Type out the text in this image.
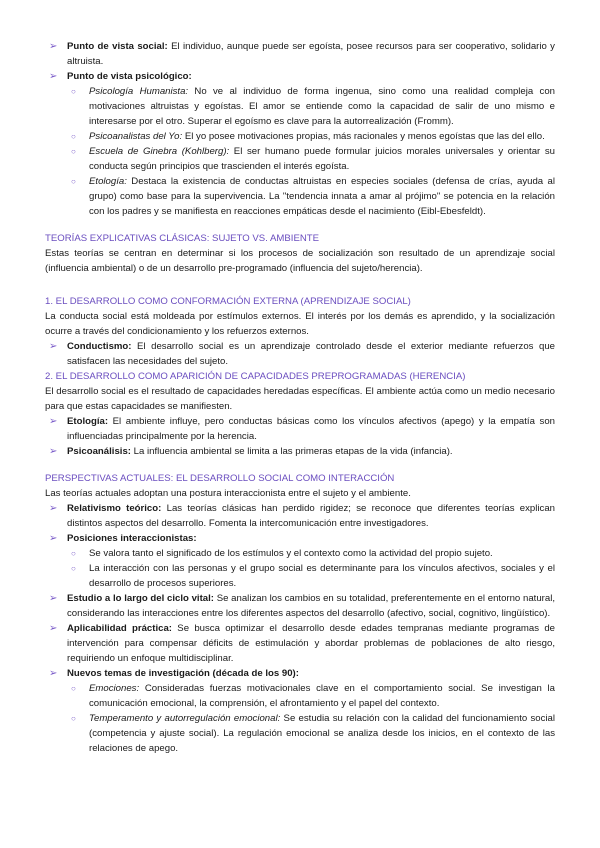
➢ Punto de vista social: El individuo, aunque puede ser egoísta, posee recursos para ser cooperativo, solidario y altruista.
➢ Punto de vista psicológico:
○ Psicología Humanista: No ve al individuo de forma ingenua, sino como una realidad compleja con motivaciones altruistas y egoístas. El amor se entiende como la capacidad de salir de uno mismo e interesarse por el otro. Superar el egoísmo es clave para la autorrealización (Fromm).
○ Psicoanalistas del Yo: El yo posee motivaciones propias, más racionales y menos egoístas que las del ello.
○ Escuela de Ginebra (Kohlberg): El ser humano puede formular juicios morales universales y orientar su conducta según principios que trascienden el interés egoísta.
○ Etología: Destaca la existencia de conductas altruistas en especies sociales (defensa de crías, ayuda al grupo) como base para la supervivencia. La "tendencia innata a amar al prójimo" se potencia en la relación con los padres y se manifiesta en reacciones empáticas desde el nacimiento (Eibl-Ebesfeldt).
TEORÍAS EXPLICATIVAS CLÁSICAS: SUJETO VS. AMBIENTE
Estas teorías se centran en determinar si los procesos de socialización son resultado de un aprendizaje social (influencia ambiental) o de un desarrollo pre-programado (influencia del sujeto/herencia).
1. EL DESARROLLO COMO CONFORMACIÓN EXTERNA (APRENDIZAJE SOCIAL)
La conducta social está moldeada por estímulos externos. El interés por los demás es aprendido, y la socialización ocurre a través del condicionamiento y los refuerzos externos.
➢ Conductismo: El desarrollo social es un aprendizaje controlado desde el exterior mediante refuerzos que satisfacen las necesidades del sujeto.
2. EL DESARROLLO COMO APARICIÓN DE CAPACIDADES PREPROGRAMADAS (HERENCIA)
El desarrollo social es el resultado de capacidades heredadas específicas. El ambiente actúa como un medio necesario para que estas capacidades se manifiesten.
➢ Etología: El ambiente influye, pero conductas básicas como los vínculos afectivos (apego) y la empatía son influenciadas principalmente por la herencia.
➢ Psicoanálisis: La influencia ambiental se limita a las primeras etapas de la vida (infancia).
PERSPECTIVAS ACTUALES: EL DESARROLLO SOCIAL COMO INTERACCIÓN
Las teorías actuales adoptan una postura interaccionista entre el sujeto y el ambiente.
➢ Relativismo teórico: Las teorías clásicas han perdido rigidez; se reconoce que diferentes teorías explican distintos aspectos del desarrollo. Fomenta la intercomunicación entre investigadores.
➢ Posiciones interaccionistas:
○ Se valora tanto el significado de los estímulos y el contexto como la actividad del propio sujeto.
○ La interacción con las personas y el grupo social es determinante para los vínculos afectivos, sociales y el desarrollo de procesos superiores.
➢ Estudio a lo largo del ciclo vital: Se analizan los cambios en su totalidad, preferentemente en el entorno natural, considerando las interacciones entre los diferentes aspectos del desarrollo (afectivo, social, cognitivo, lingüístico).
➢ Aplicabilidad práctica: Se busca optimizar el desarrollo desde edades tempranas mediante programas de intervención para compensar déficits de estimulación y abordar problemas de poblaciones de alto riesgo, requiriendo un enfoque multidisciplinar.
➢ Nuevos temas de investigación (década de los 90):
○ Emociones: Consideradas fuerzas motivacionales clave en el comportamiento social. Se investigan la comunicación emocional, la comprensión, el afrontamiento y el papel del contexto.
○ Temperamento y autorregulación emocional: Se estudia su relación con la calidad del funcionamiento social (competencia y ajuste social). La regulación emocional se analiza desde los inicios, en el contexto de las relaciones de apego.
